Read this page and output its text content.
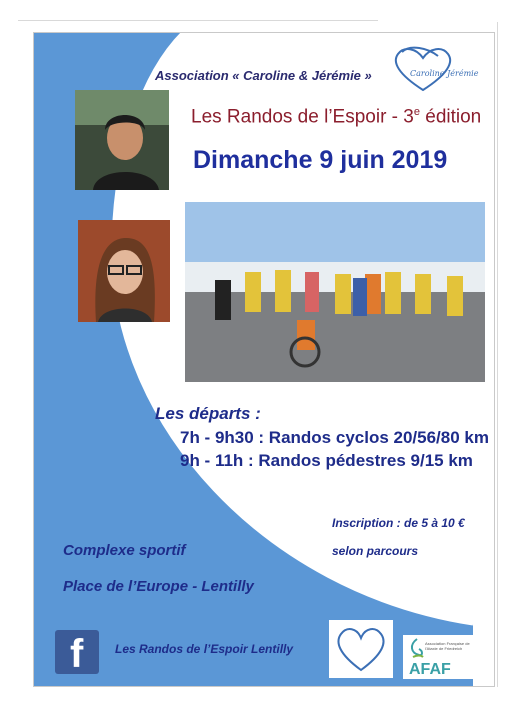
Caroline Jérémie
Association « Caroline & Jérémie »
Les Randos de l’Espoir - 3e édition
Dimanche 9 juin 2019
Les départs :
7h - 9h30 : Randos cyclos 20/56/80 km
9h - 11h : Randos pédestres 9/15 km
Inscription : de 5 à 10 €
selon parcours
Complexe sportif
Place de l’Europe - Lentilly
f	Les Randos de l’Espoir Lentilly	Association Française de l'Ataxie de Friedreich
AFAF
